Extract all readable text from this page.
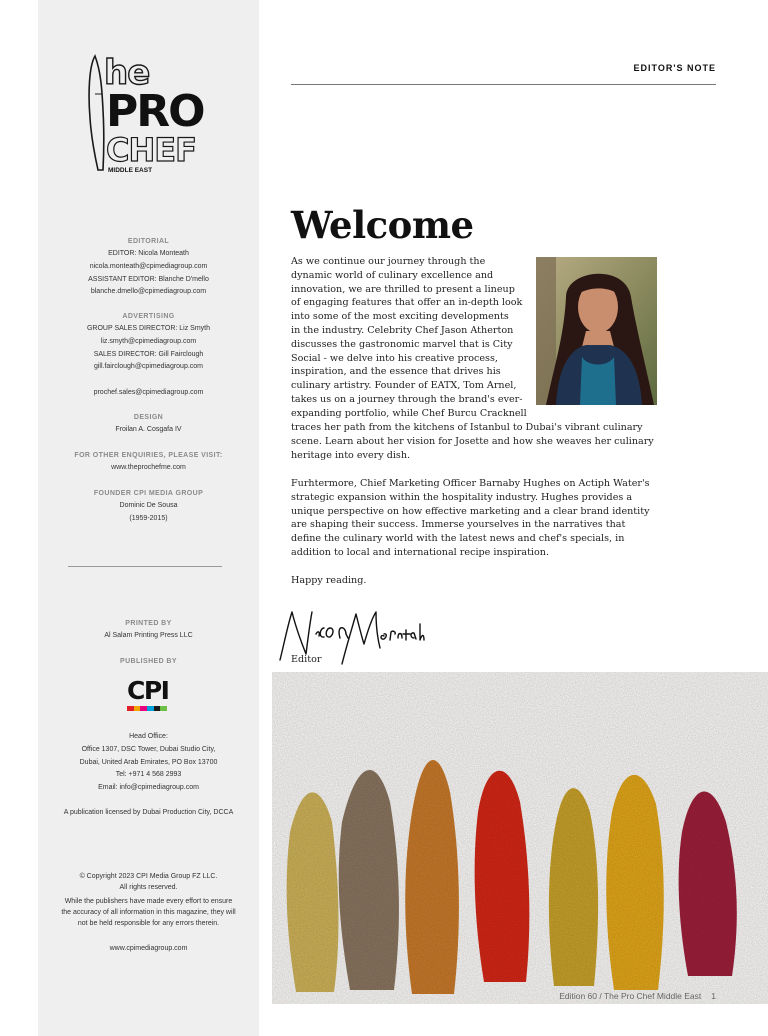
he
PRO
CHEF
MIDDLE EAST
EDITORIAL
EDITOR: Nicola Monteath
nicola.monteath@cpimediagroup.com
ASSISTANT EDITOR: Blanche D'mello
blanche.dmello@cpimediagroup.com
ADVERTISING
GROUP SALES DIRECTOR: Liz Smyth
liz.smyth@cpimediagroup.com
SALES DIRECTOR: Gill Fairclough
gill.fairclough@cpimediagroup.com
prochef.sales@cpimediagroup.com
DESIGN
Froilan A. Cosgafa IV
FOR OTHER ENQUIRIES, PLEASE VISIT:
www.theprochefme.com
FOUNDER CPI MEDIA GROUP
Dominic De Sousa
(1959-2015)
PRINTED BY
Al Salam Printing Press LLC
PUBLISHED BY
CPI
Head Office:
Office 1307, DSC Tower, Dubai Studio City,
Dubai, United Arab Emirates, PO Box 13700
Tel: +971 4 568 2993
Email: info@cpimediagroup.com
A publication licensed by Dubai Production City, DCCA
© Copyright 2023 CPI Media Group FZ LLC.
All rights reserved.
While the publishers have made every effort to ensure
the accuracy of all information in this magazine, they will
not be held responsible for any errors therein.
www.cpimediagroup.com
EDITOR'S NOTE
Welcome
As we continue our journey through the
dynamic world of culinary excellence and
innovation, we are thrilled to present a lineup
of engaging features that offer an in-depth look
into some of the most exciting developments
in the industry. Celebrity Chef Jason Atherton
discusses the gastronomic marvel that is City
Social - we delve into his creative process,
inspiration, and the essence that drives his
culinary artistry. Founder of EATX, Tom Arnel,
takes us on a journey through the brand's ever-
expanding portfolio, while Chef Burcu Cracknell
traces her path from the kitchens of Istanbul to Dubai's vibrant culinary
scene. Learn about her vision for Josette and how she weaves her culinary
heritage into every dish.
Furhtermore, Chief Marketing Officer Barnaby Hughes on Actiph Water's
strategic expansion within the hospitality industry. Hughes provides a
unique perspective on how effective marketing and a clear brand identity
are shaping their success. Immerse yourselves in the narratives that
define the culinary world with the latest news and chef's specials, in
addition to local and international recipe inspiration.
Happy reading.
Editor
Edition 60 / The Pro Chef Middle East 1
